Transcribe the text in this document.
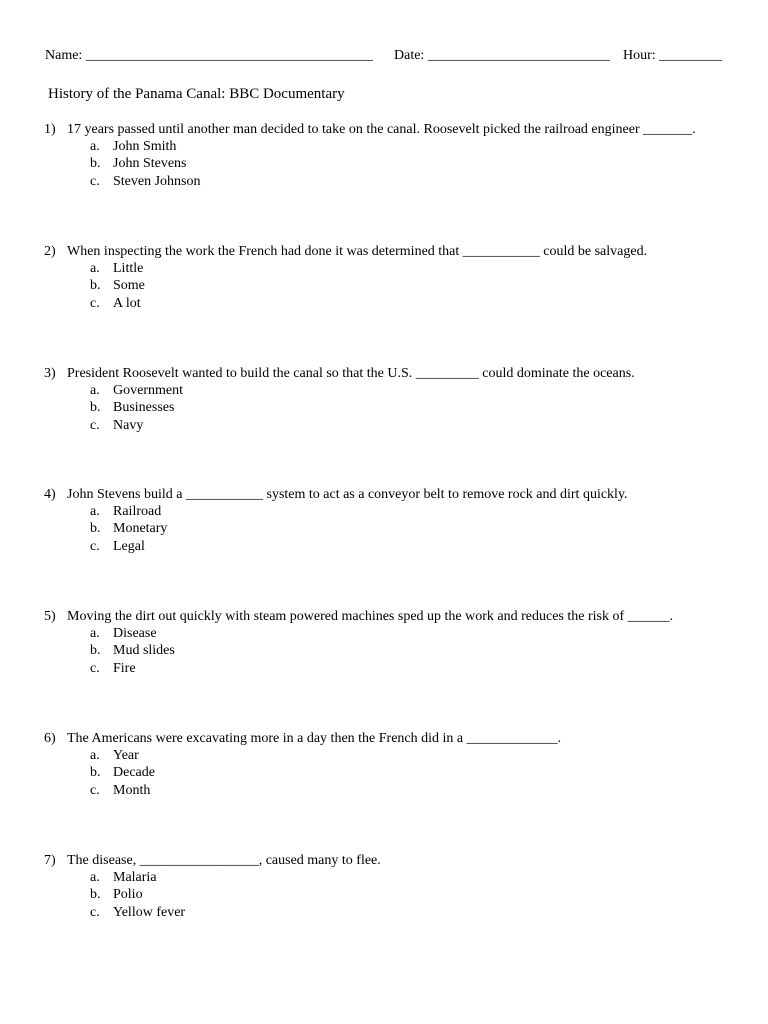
Name: _________________________________________ Date: __________________________ Hour: _________
History of the Panama Canal: BBC Documentary
1) 17 years passed until another man decided to take on the canal. Roosevelt picked the railroad engineer _______.
a. John Smith
b. John Stevens
c. Steven Johnson
2) When inspecting the work the French had done it was determined that ___________ could be salvaged.
a. Little
b. Some
c. A lot
3) President Roosevelt wanted to build the canal so that the U.S. _________ could dominate the oceans.
a. Government
b. Businesses
c. Navy
4) John Stevens build a ___________ system to act as a conveyor belt to remove rock and dirt quickly.
a. Railroad
b. Monetary
c. Legal
5) Moving the dirt out quickly with steam powered machines sped up the work and reduces the risk of ______.
a. Disease
b. Mud slides
c. Fire
6) The Americans were excavating more in a day then the French did in a _____________.
a. Year
b. Decade
c. Month
7) The disease, _________________, caused many to flee.
a. Malaria
b. Polio
c. Yellow fever
